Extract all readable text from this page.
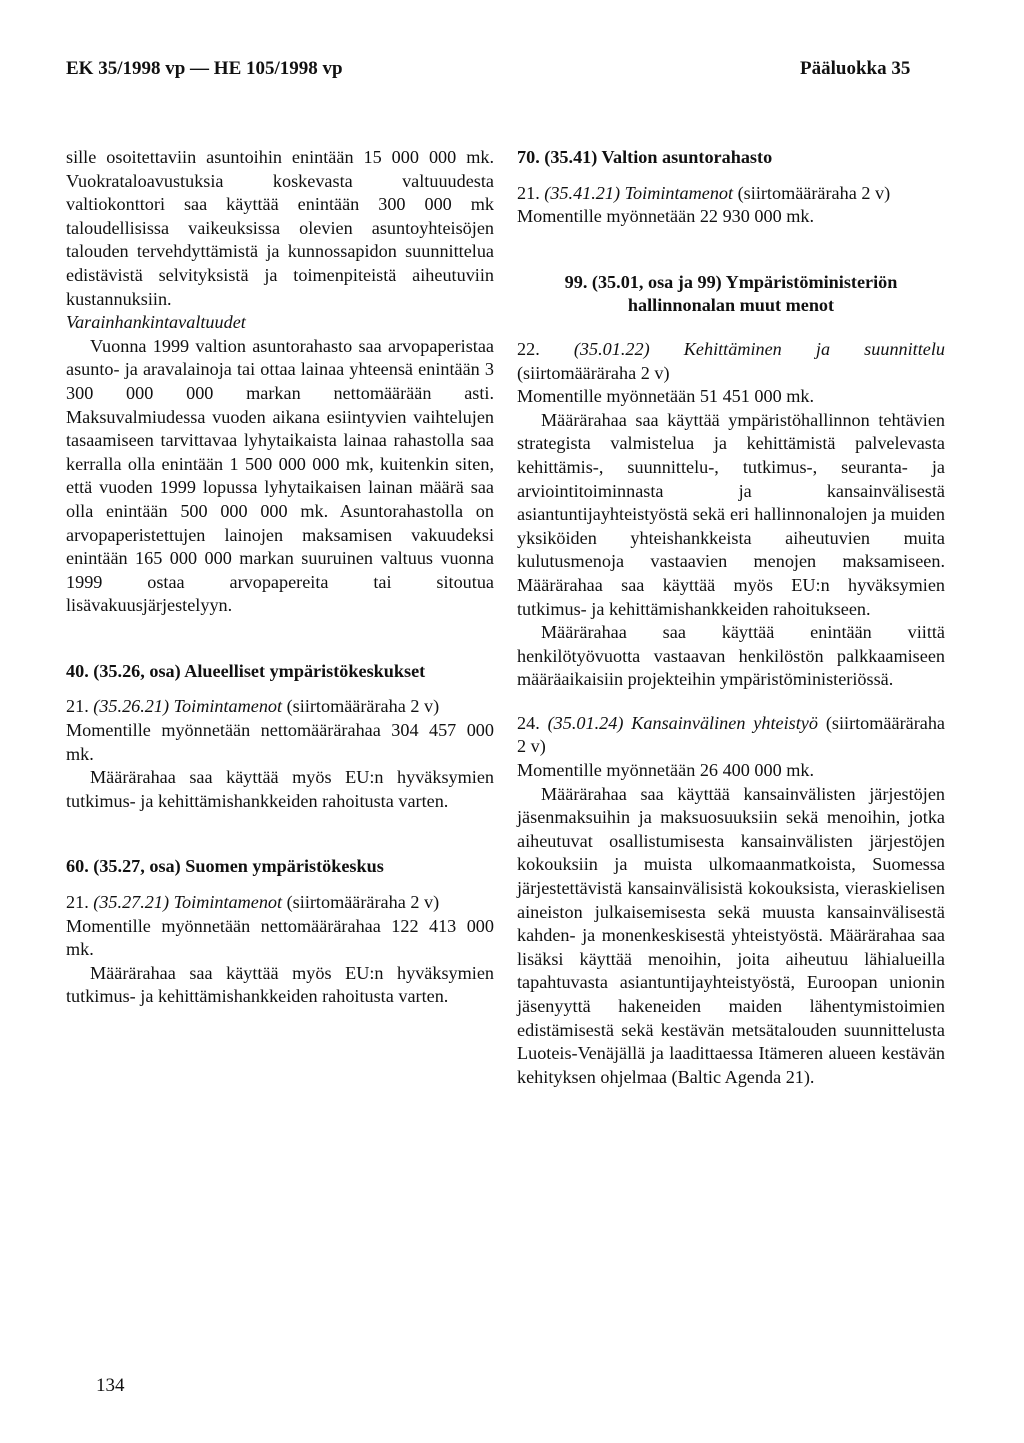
EK 35/1998 vp — HE 105/1998 vp	Pääluokka 35

sille osoitettaviin asuntoihin enintään 15 000 000 mk. Vuokrataloavustuksia koskevasta valtuuudesta valtiokonttori saa käyttää enintään 300 000 mk taloudellisissa vaikeuksissa olevien asuntoyhteisöjen talouden tervehdyttämistä ja kunnossapidon suunnittelua edistävistä selvityksistä ja toimenpiteistä aiheutuviin kustannuksiin.

Varainhankintavaltuudet

Vuonna 1999 valtion asuntorahasto saa arvopaperistaa asunto- ja aravalainoja tai ottaa lainaa yhteensä enintään 3 300 000 000 markan nettomäärään asti. Maksuvalmiudessa vuoden aikana esiintyvien vaihtelujen tasaamiseen tarvittavaa lyhytaikaista lainaa rahastolla saa kerralla olla enintään 1 500 000 000 mk, kuitenkin siten, että vuoden 1999 lopussa lyhytaikaisen lainan määrä saa olla enintään 500 000 000 mk. Asuntorahastolla on arvopaperistettujen lainojen maksamisen vakuudeksi enintään 165 000 000 markan suuruinen valtuus vuonna 1999 ostaa arvopapereita tai sitoutua lisävakuusjärjestelyyn.

40. (35.26, osa) Alueelliset ympäristökeskukset

21. (35.26.21) Toimintamenot (siirtomääräraha 2 v)

Momentille myönnetään nettomäärärahaa 304 457 000 mk.

Määrärahaa saa käyttää myös EU:n hyväksymien tutkimus- ja kehittämishankkeiden rahoitusta varten.

60. (35.27, osa) Suomen ympäristökeskus

21. (35.27.21) Toimintamenot (siirtomääräraha 2 v)

Momentille myönnetään nettomäärärahaa 122 413 000 mk.

Määrärahaa saa käyttää myös EU:n hyväksymien tutkimus- ja kehittämishankkeiden rahoitusta varten.

70. (35.41) Valtion asuntorahasto

21. (35.41.21) Toimintamenot (siirtomääräraha 2 v)

Momentille myönnetään 22 930 000 mk.

99. (35.01, osa ja 99) Ympäristöministeriön hallinnonalan muut menot

22. (35.01.22) Kehittäminen ja suunnittelu (siirtomääräraha 2 v)

Momentille myönnetään 51 451 000 mk.

Määrärahaa saa käyttää ympäristöhallinnon tehtävien strategista valmistelua ja kehittämistä palvelevasta kehittämis-, suunnittelu-, tutkimus-, seuranta- ja arviointitoiminnasta ja kansainvälisestä asiantuntijayhteistyöstä sekä eri hallinnonalojen ja muiden yksiköiden yhteishankkeista aiheutuvien muita kulutusmenoja vastaavien menojen maksamiseen. Määrärahaa saa käyttää myös EU:n hyväksymien tutkimus- ja kehittämishankkeiden rahoitukseen.

Määrärahaa saa käyttää enintään viittä henkilötyövuotta vastaavan henkilöstön palkkaamiseen määräaikaisiin projekteihin ympäristöministeriössä.

24. (35.01.24) Kansainvälinen yhteistyö (siirtomääräraha 2 v)

Momentille myönnetään 26 400 000 mk.

Määrärahaa saa käyttää kansainvälisten järjestöjen jäsenmaksuihin ja maksuosuuksiin sekä menoihin, jotka aiheutuvat osallistumisesta kansainvälisten järjestöjen kokouksiin ja muista ulkomaanmatkoista, Suomessa järjestettävistä kansainvälisistä kokouksista, vieraskielisen aineiston julkaisemisesta sekä muusta kansainvälisestä kahden- ja monenkeskisestä yhteistyöstä. Määrärahaa saa lisäksi käyttää menoihin, joita aiheutuu lähialueilla tapahtuvasta asiantuntijayhteistyöstä, Euroopan unionin jäsenyyttä hakeneiden maiden lähentymistoimien edistämisestä sekä kestävän metsätalouden suunnittelusta Luoteis-Venäjällä ja laadittaessa Itämeren alueen kestävän kehityksen ohjelmaa (Baltic Agenda 21).

134
